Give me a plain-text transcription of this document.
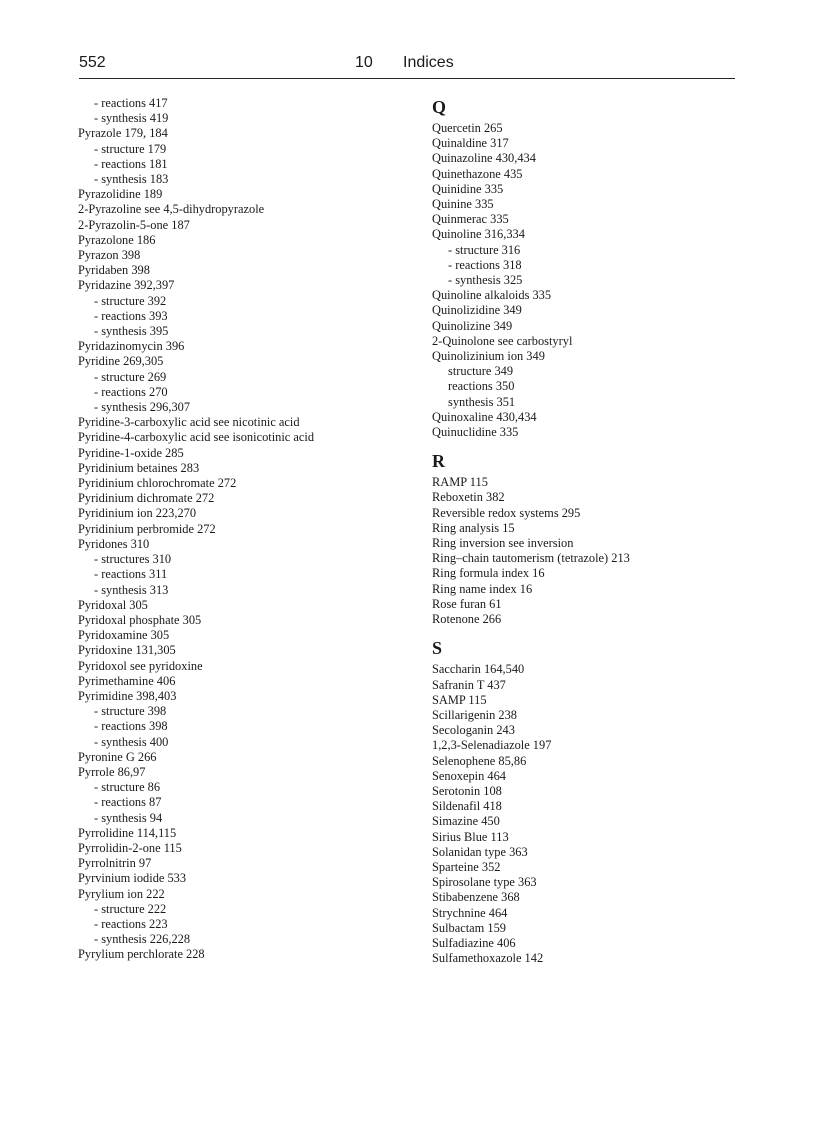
552	10 Indices
- reactions 417
- synthesis 419
Pyrazole 179, 184
- structure 179
- reactions 181
- synthesis 183
Pyrazolidine 189
2-Pyrazoline see 4,5-dihydropyrazole
2-Pyrazolin-5-one 187
Pyrazolone 186
Pyrazon 398
Pyridaben 398
Pyridazine 392,397
- structure 392
- reactions 393
- synthesis 395
Pyridazinomycin 396
Pyridine 269,305
- structure 269
- reactions 270
- synthesis 296,307
Pyridine-3-carboxylic acid see nicotinic acid
Pyridine-4-carboxylic acid see isonicotinic acid
Pyridine-1-oxide 285
Pyridinium betaines 283
Pyridinium chlorochromate 272
Pyridinium dichromate 272
Pyridinium ion 223,270
Pyridinium perbromide 272
Pyridones 310
- structures 310
- reactions 311
- synthesis 313
Pyridoxal 305
Pyridoxal phosphate 305
Pyridoxamine 305
Pyridoxine 131,305
Pyridoxol see pyridoxine
Pyrimethamine 406
Pyrimidine 398,403
- structure 398
- reactions 398
- synthesis 400
Pyronine G 266
Pyrrole 86,97
- structure 86
- reactions 87
- synthesis 94
Pyrrolidine 114,115
Pyrrolidin-2-one 115
Pyrrolnitrin 97
Pyrvinium iodide 533
Pyrylium ion 222
- structure 222
- reactions 223
- synthesis 226,228
Pyrylium perchlorate 228
Q
Quercetin 265
Quinaldine 317
Quinazoline 430,434
Quinethazone 435
Quinidine 335
Quinine 335
Quinmerac 335
Quinoline 316,334
- structure 316
- reactions 318
- synthesis 325
Quinoline alkaloids 335
Quinolizidine 349
Quinolizine 349
2-Quinolone see carbostyryl
Quinolizinium ion 349
structure 349
reactions 350
synthesis 351
Quinoxaline 430,434
Quinuclidine 335
R
RAMP 115
Reboxetin 382
Reversible redox systems 295
Ring analysis 15
Ring inversion see inversion
Ring–chain tautomerism (tetrazole) 213
Ring formula index 16
Ring name index 16
Rose furan 61
Rotenone 266
S
Saccharin 164,540
Safranin T 437
SAMP 115
Scillarigenin 238
Secologanin 243
1,2,3-Selenadiazole 197
Selenophene 85,86
Senoxepin 464
Serotonin 108
Sildenafil 418
Simazine 450
Sirius Blue 113
Solanidan type 363
Sparteine 352
Spirosolane type 363
Stibabenzene 368
Strychnine 464
Sulbactam 159
Sulfadiazine 406
Sulfamethoxazole 142
